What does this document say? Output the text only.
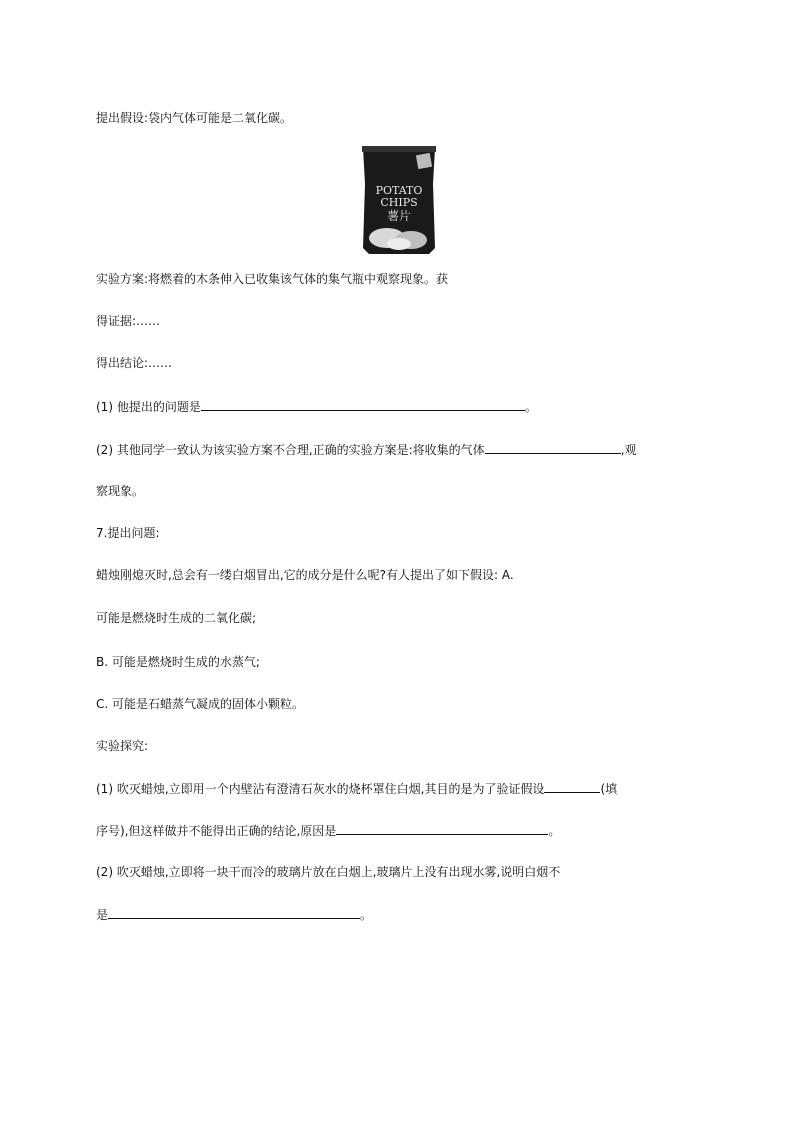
提出假设:袋内气体可能是二氧化碳。
POTATO
CHIPS
薯片
实验方案:将燃着的木条伸入已收集该气体的集气瓶中观察现象。获
得证据:……
得出结论:……
(1) 他提出的问题是	。
(2) 其他同学一致认为该实验方案不合理,正确的实验方案是:将收集的气体	,观
察现象。
7.提出问题:
蜡烛刚熄灭时,总会有一缕白烟冒出,它的成分是什么呢?有人提出了如下假设: A.
可能是燃烧时生成的二氧化碳;
B. 可能是燃烧时生成的水蒸气;
C. 可能是石蜡蒸气凝成的固体小颗粒。
实验探究:
(1) 吹灭蜡烛,立即用一个内壁沾有澄清石灰水的烧杯罩住白烟,其目的是为了验证假设	(填
序号),但这样做并不能得出正确的结论,原因是	。
(2) 吹灭蜡烛,立即将一块干而冷的玻璃片放在白烟上,玻璃片上没有出现水雾,说明白烟不
是	。
